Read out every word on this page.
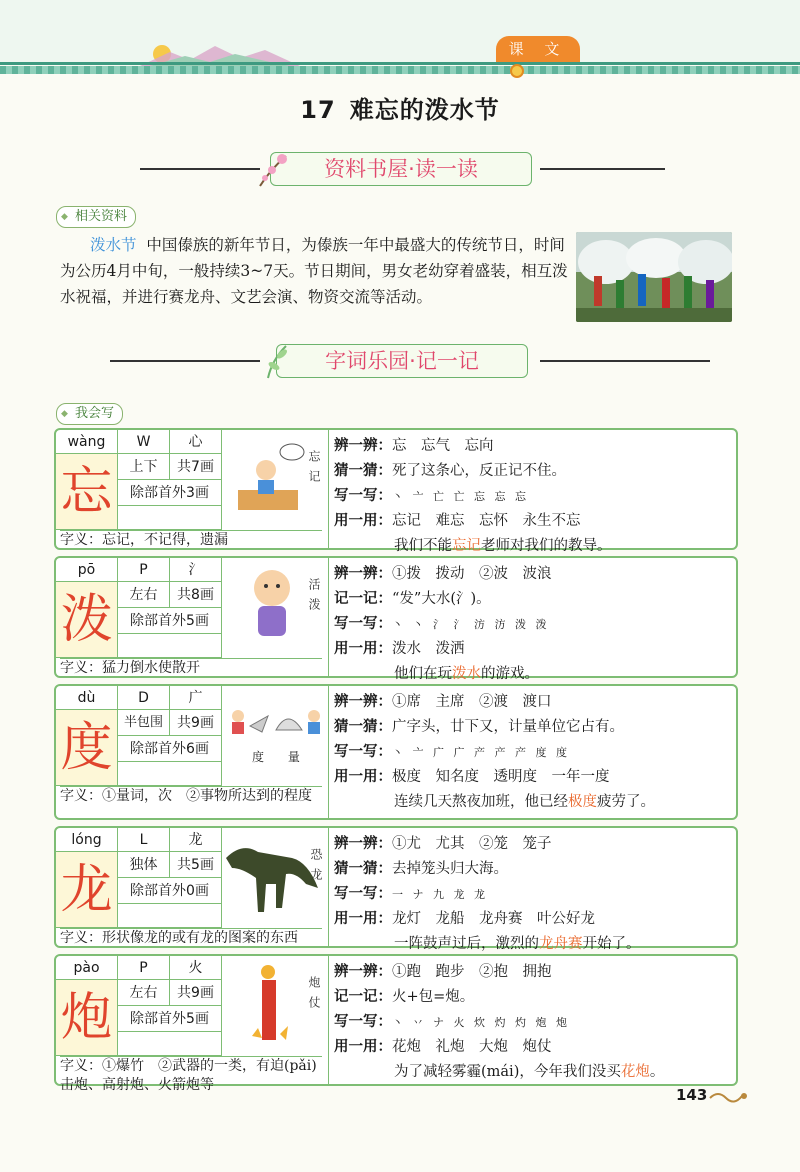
课 文
17 难忘的泼水节
资料书屋·读一读
◆ 相关资料
泼水节 中国傣族的新年节日，为傣族一年中最盛大的传统节日，时间为公历4月中旬，一般持续3~7天。节日期间，男女老幼穿着盛装，相互泼水祝福，并进行赛龙舟、文艺会演、物资交流等活动。
字词乐园·记一记
◆ 我会写
wàng	W	心
忘	上下	共7画
除部首外3画
字义：忘记，不记得，遗漏
忘记
辨一辨：忘　忘气　忘向
猜一猜：死了这条心，反正记不住。
写一写：丶 亠 亡 亡 忘 忘 忘
用一用：忘记　难忘　忘怀　永生不忘
我们不能忘记老师对我们的教导。
pō	P	氵
泼	左右	共8画
除部首外5画
字义：猛力倒水使散开
活泼
辨一辨：①拨　拨动　②波　波浪
记一记：“发”大水(氵)。
写一写：丶 丶 氵 氵 汸 汸 泼 泼
用一用：泼水　泼洒
他们在玩泼水的游戏。
dù	D	广
度 半包围	共9画
除部首外6画
字义：①量词，次　②事物所达到的程度
度 量
辨一辨：①席　主席　②渡　渡口
猜一猜：广字头，廿下又，计量单位它占有。
写一写：丶 亠 广 广 产 产 产 度 度
用一用：极度　知名度　透明度　一年一度
连续几天熬夜加班，他已经极度疲劳了。
lóng	L	龙
龙	独体	共5画
除部首外0画
字义：形状像龙的或有龙的图案的东西
恐龙
辨一辨：①尤　尤其　②笼　笼子
猜一猜：去掉笼头归大海。
写一写：一 ナ 九 龙 龙
用一用：龙灯　龙船　龙舟赛　叶公好龙
一阵鼓声过后，激烈的龙舟赛开始了。
pào	P	火
炮	左右	共9画
除部首外5画
字义：①爆竹　②武器的一类，有迫(pǎi)击炮、高射炮、火箭炮等
炮仗
辨一辨：①跑　跑步　②抱　拥抱
记一记：火+包=炮。
写一写：丶 丷 ナ 火 炊 灼 灼 炮 炮
用一用：花炮　礼炮　大炮　炮仗
为了减轻雾霾(mái)，今年我们没买花炮。
143
